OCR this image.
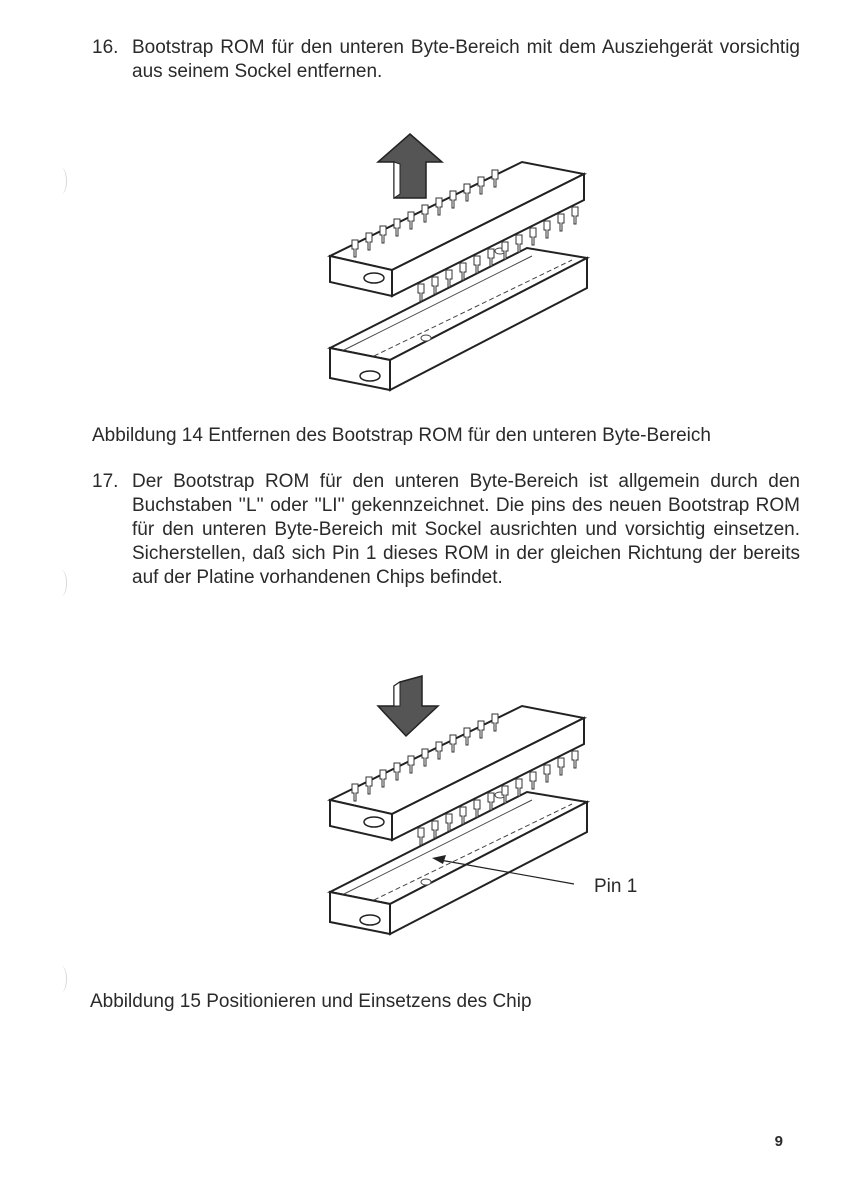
16. Bootstrap ROM für den unteren Byte-Bereich mit dem Ausziehgerät vorsichtig aus seinem Sockel entfernen.
Abbildung 14 Entfernen des Bootstrap ROM für den unteren Byte-Bereich
17. Der Bootstrap ROM für den unteren Byte-Bereich ist allgemein durch den Buchstaben ''L'' oder ''LI'' gekennzeichnet. Die pins des neuen Bootstrap ROM für den unteren Byte-Bereich mit Sockel ausrichten und vorsichtig einsetzen. Sicherstellen, daß sich Pin 1 dieses ROM in der gleichen Richtung der bereits auf der Platine vorhandenen Chips befindet.
Pin 1
Abbildung 15 Positionieren und Einsetzens des Chip
9
